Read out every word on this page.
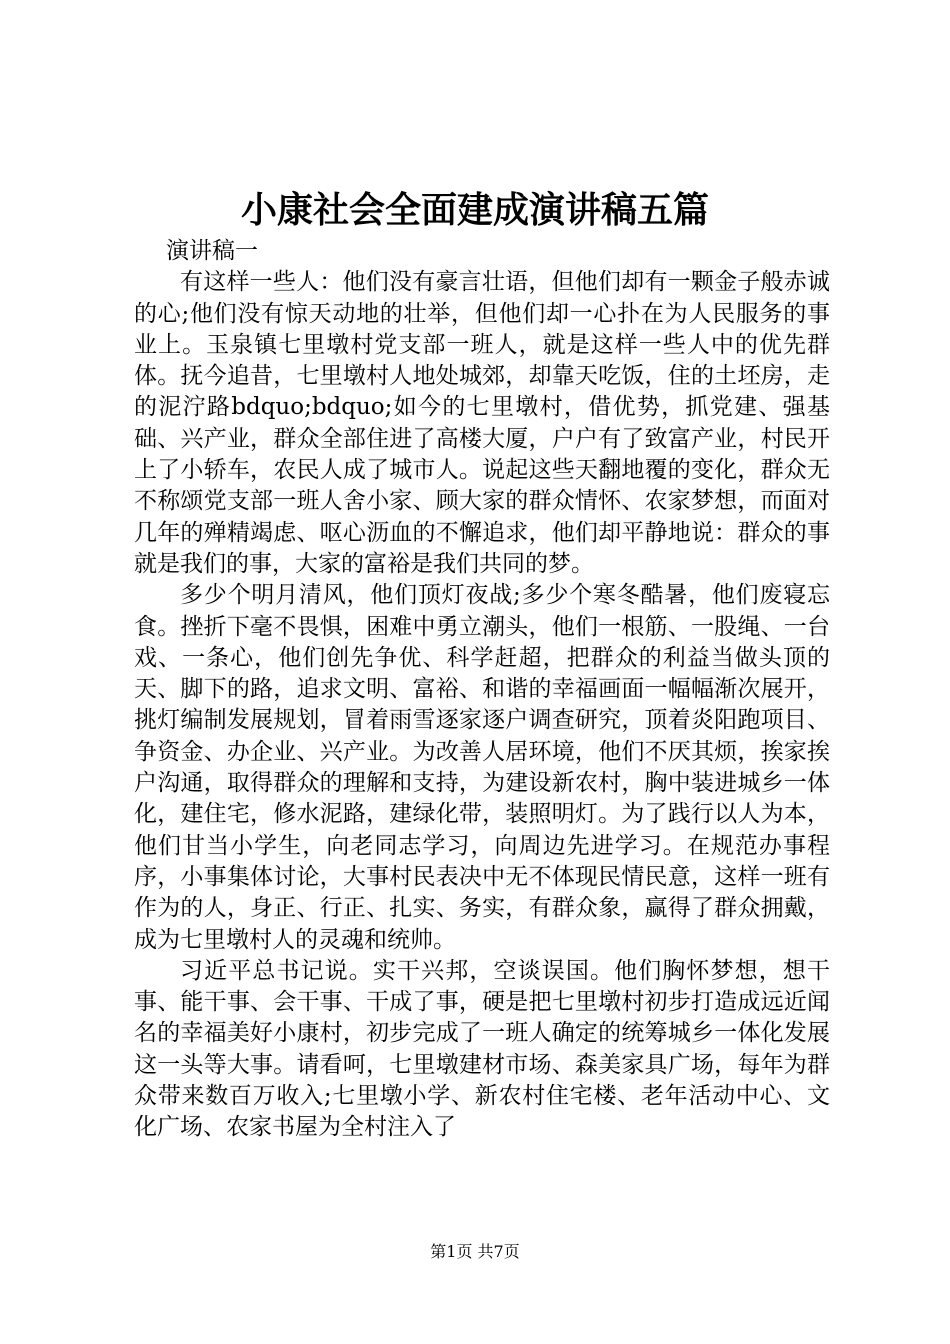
小康社会全面建成演讲稿五篇

演讲稿一

有这样一些人：他们没有豪言壮语，但他们却有一颗金子般赤诚的心;他们没有惊天动地的壮举，但他们却一心扑在为人民服务的事业上。玉泉镇七里墩村党支部一班人，就是这样一些人中的优先群体。抚今追昔，七里墩村人地处城郊，却靠天吃饭，住的土坯房，走的泥泞路bdquo;bdquo;如今的七里墩村，借优势，抓党建、强基础、兴产业，群众全部住进了高楼大厦，户户有了致富产业，村民开上了小轿车，农民人成了城市人。说起这些天翻地覆的变化，群众无不称颂党支部一班人舍小家、顾大家的群众情怀、农家梦想，而面对几年的殚精竭虑、呕心沥血的不懈追求，他们却平静地说：群众的事就是我们的事，大家的富裕是我们共同的梦。

多少个明月清风，他们顶灯夜战;多少个寒冬酷暑，他们废寝忘食。挫折下毫不畏惧，困难中勇立潮头，他们一根筋、一股绳、一台戏、一条心，他们创先争优、科学赶超，把群众的利益当做头顶的天、脚下的路，追求文明、富裕、和谐的幸福画面一幅幅渐次展开，挑灯编制发展规划，冒着雨雪逐家逐户调查研究，顶着炎阳跑项目、争资金、办企业、兴产业。为改善人居环境，他们不厌其烦，挨家挨户沟通，取得群众的理解和支持，为建设新农村，胸中装进城乡一体化，建住宅，修水泥路，建绿化带，装照明灯。为了践行以人为本，他们甘当小学生，向老同志学习，向周边先进学习。在规范办事程序，小事集体讨论，大事村民表决中无不体现民情民意，这样一班有作为的人，身正、行正、扎实、务实，有群众象，赢得了群众拥戴，成为七里墩村人的灵魂和统帅。

习近平总书记说。实干兴邦，空谈误国。他们胸怀梦想，想干事、能干事、会干事、干成了事，硬是把七里墩村初步打造成远近闻名的幸福美好小康村，初步完成了一班人确定的统筹城乡一体化发展这一头等大事。请看呵，七里墩建材市场、森美家具广场，每年为群众带来数百万收入;七里墩小学、新农村住宅楼、老年活动中心、文化广场、农家书屋为全村注入了

第1页 共7页
